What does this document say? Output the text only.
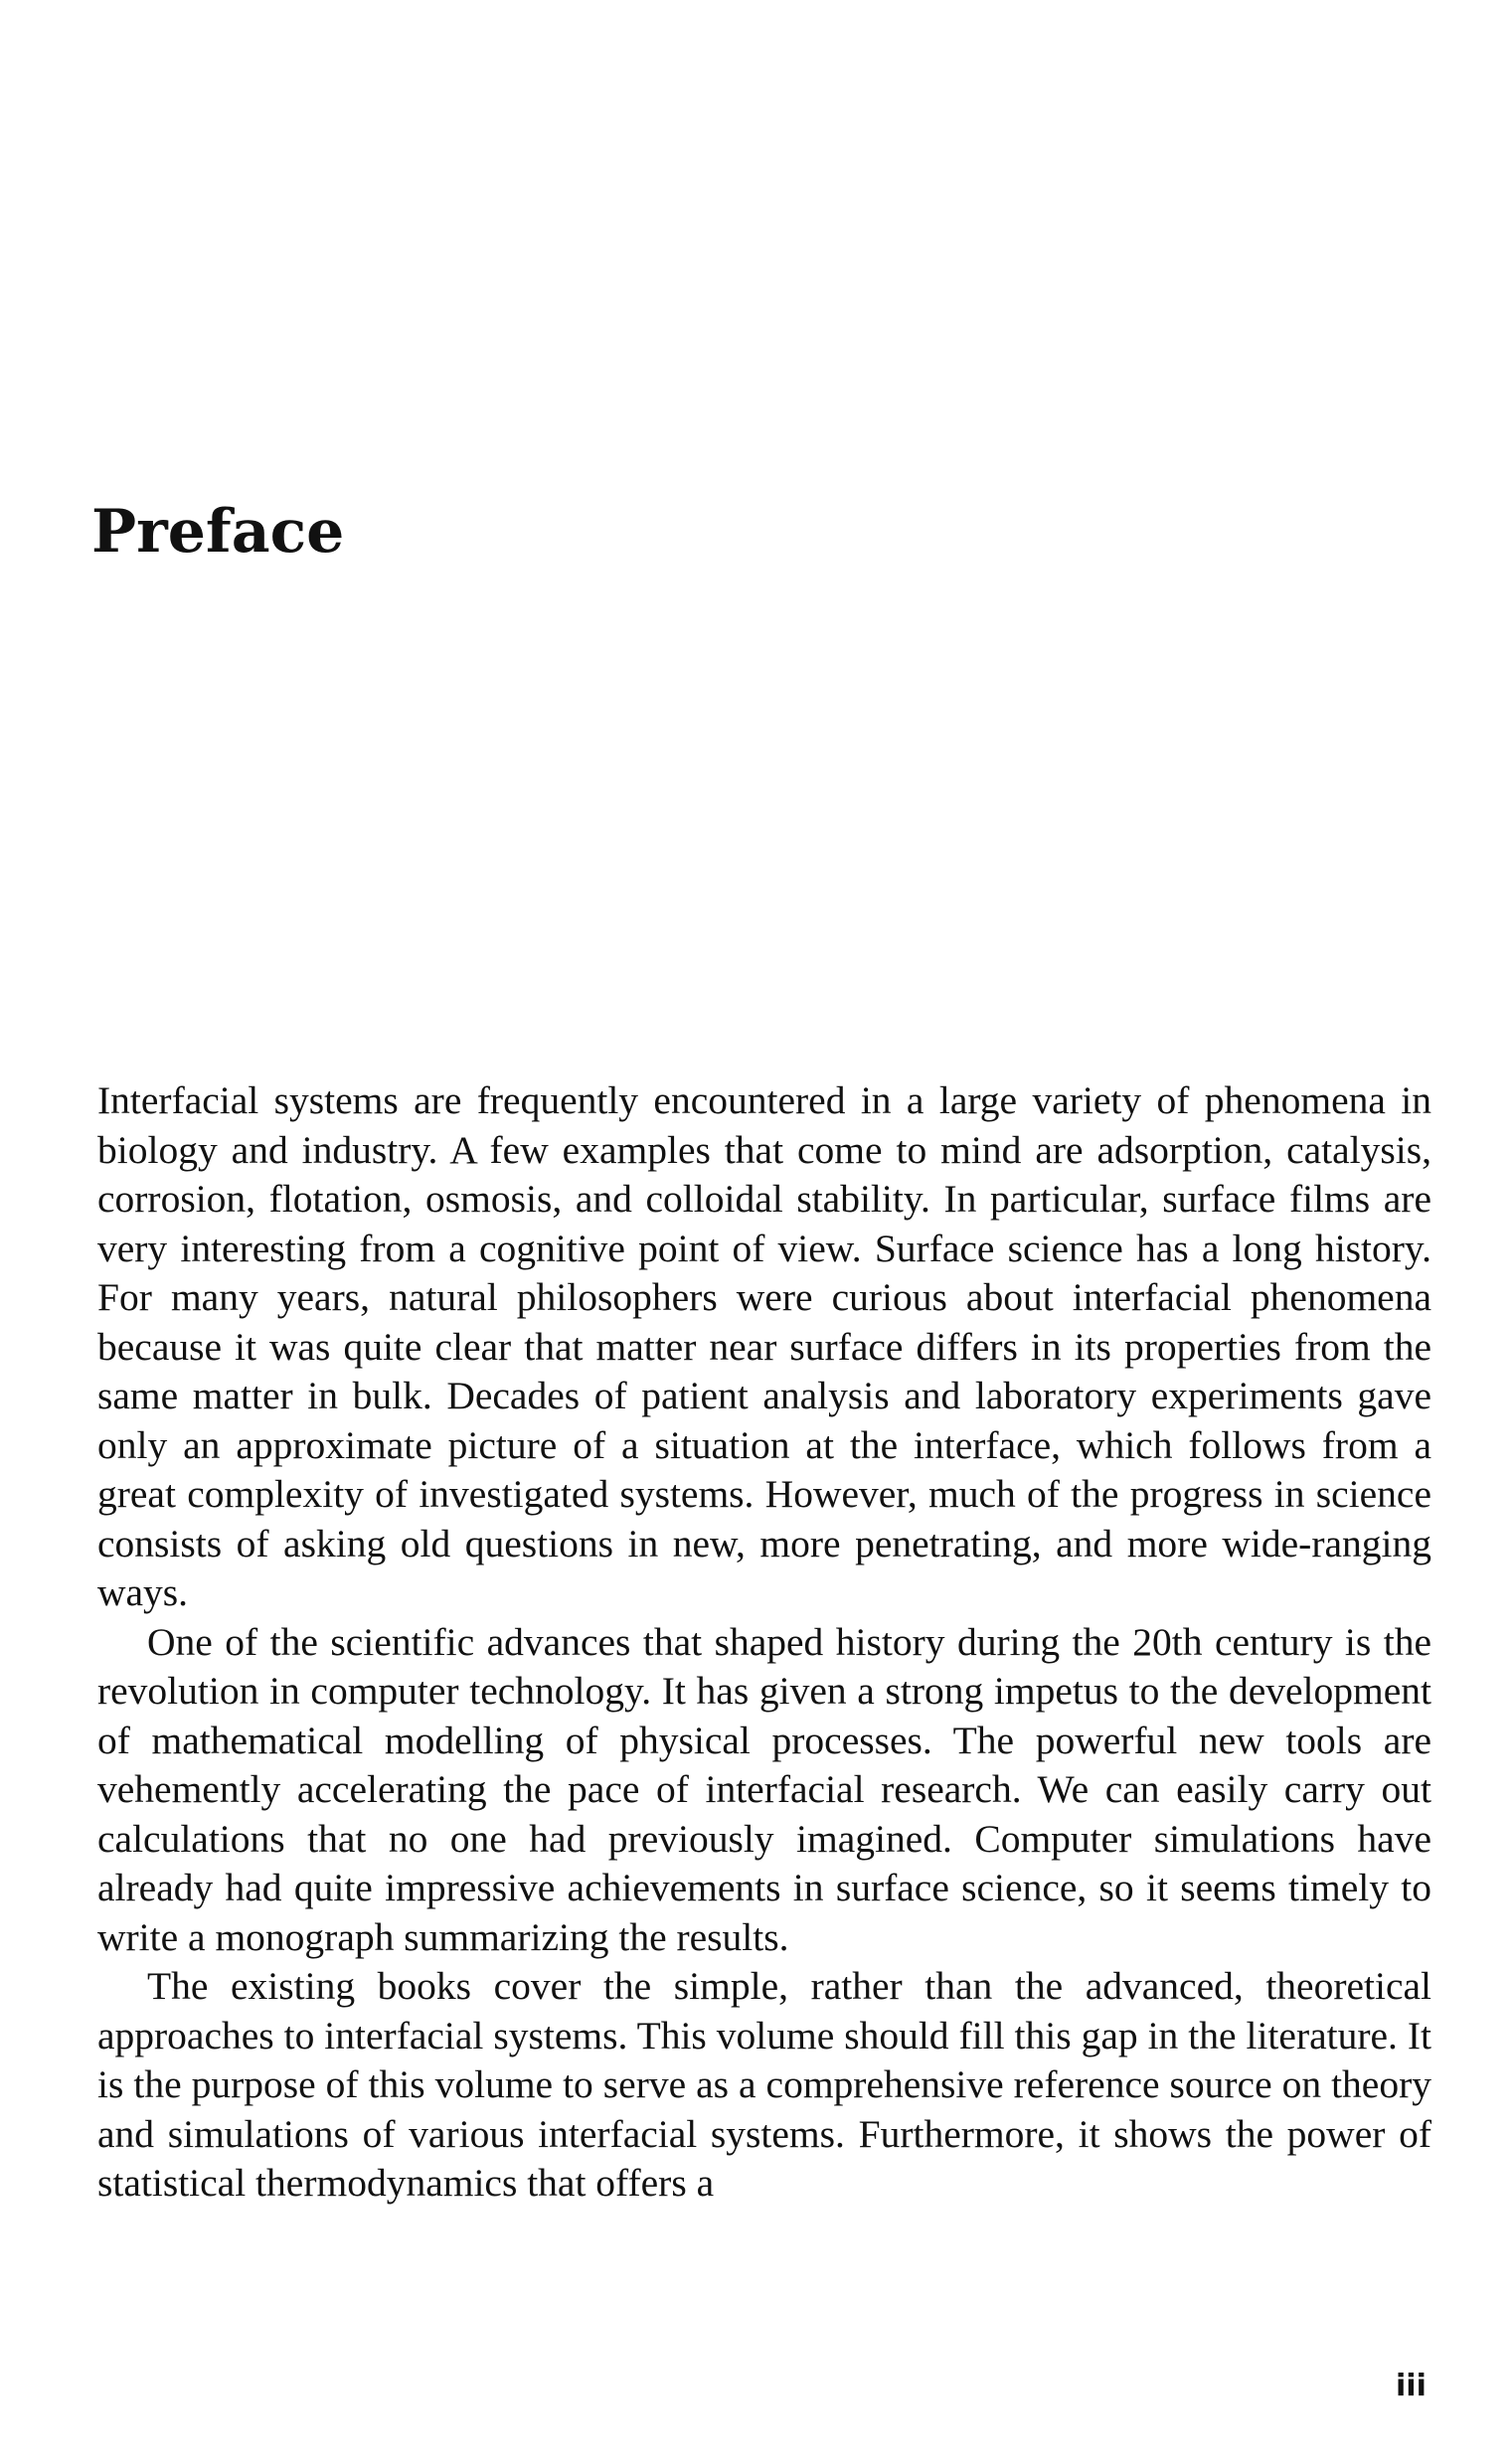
Preface

Interfacial systems are frequently encountered in a large variety of phenomena in biology and industry. A few examples that come to mind are adsorption, catalysis, corrosion, flotation, osmosis, and colloidal stability. In particular, surface films are very interesting from a cognitive point of view. Surface science has a long history. For many years, natural philosophers were curious about interfacial phenomena because it was quite clear that matter near surface differs in its properties from the same matter in bulk. Decades of patient analysis and laboratory experiments gave only an approximate picture of a situation at the interface, which follows from a great complexity of investigated systems. However, much of the progress in science consists of asking old questions in new, more penetrating, and more wide-ranging ways.

One of the scientific advances that shaped history during the 20th century is the revolution in computer technology. It has given a strong impetus to the development of mathematical modelling of physical processes. The powerful new tools are vehemently accelerating the pace of interfacial research. We can easily carry out calculations that no one had previously imagined. Computer simulations have already had quite impressive achievements in surface science, so it seems timely to write a monograph summarizing the results.

The existing books cover the simple, rather than the advanced, theoretical approaches to interfacial systems. This volume should fill this gap in the literature. It is the purpose of this volume to serve as a comprehensive reference source on theory and simulations of various interfacial systems. Furthermore, it shows the power of statistical thermodynamics that offers a

iii
